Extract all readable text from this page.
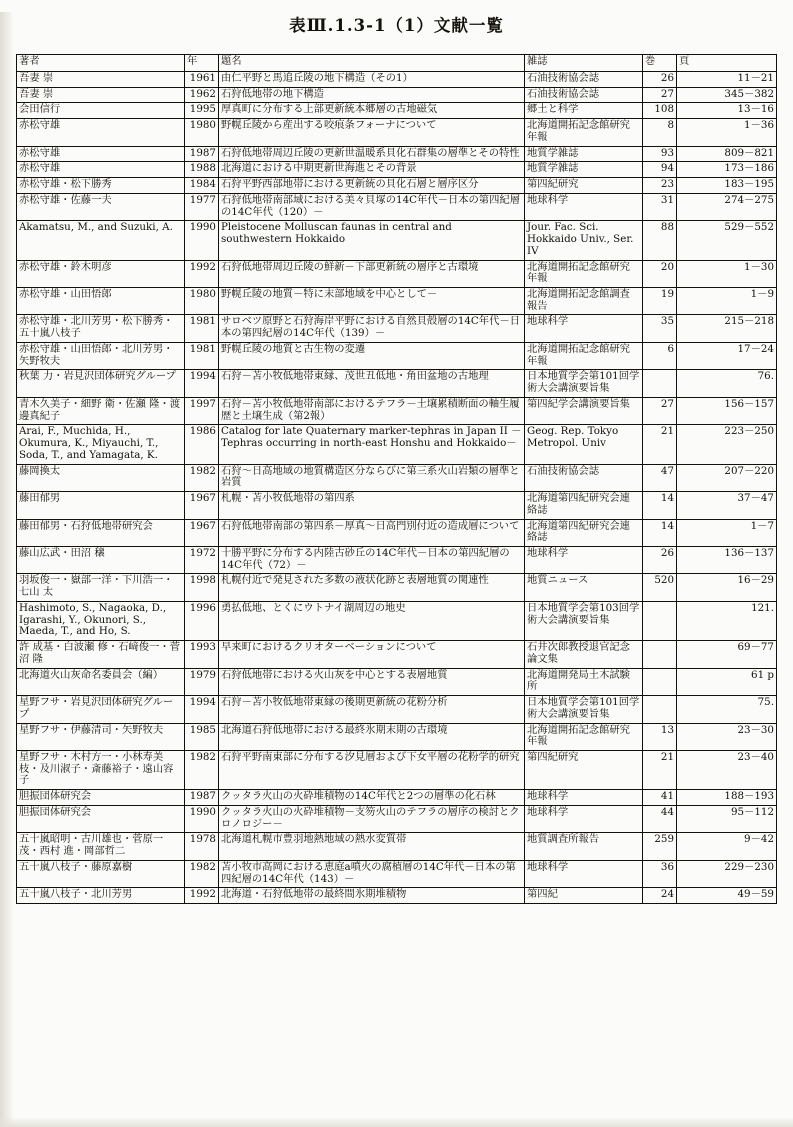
表Ⅲ.1.3-1（1）文献一覧
著者	年	題名	雑誌	巻	頁
吾妻 崇	1961	由仁平野と馬追丘陵の地下構造（その1）	石油技術協会誌	26	11－21
吾妻 崇	1962	石狩低地帯の地下構造	石油技術協会誌	27	345－382
会田信行	1995	厚真町に分布する上部更新統本郷層の古地磁気	郷土と科学	108	13－16
赤松守雄	1980	野幌丘陵から産出する咬痕条フォーナについて	北海道開拓記念館研究年報	8	1－36
赤松守雄	1987	石狩低地帯周辺丘陵の更新世温暖系貝化石群集の層準とその特性	地質学雑誌	93	809－821
赤松守雄	1988	北海道における中期更新世海進とその背景	地質学雑誌	94	173－186
赤松守雄・松下勝秀	1984	石狩平野西部地帯における更新統の貝化石層と層序区分	第四紀研究	23	183－195
赤松守雄・佐藤一夫	1977	石狩低地帯南部域における美々貝塚の14C年代－日本の第四紀層の14C年代（120）－	地球科学	31	274－275
Akamatsu, M., and Suzuki, A.	1990	Pleistocene Molluscan faunas in central and southwestern Hokkaido	Jour. Fac. Sci. Hokkaido Univ., Ser. IV	88	529－552
赤松守雄・鈴木明彦	1992	石狩低地帯周辺丘陵の鮮新－下部更新統の層序と古環境	北海道開拓記念館研究年報	20	1－30
赤松守雄・山田悟郎	1980	野幌丘陵の地質－特に末部地域を中心として－	北海道開拓記念館調査報告	19	1－9
赤松守雄・北川芳男・松下勝秀・五十嵐八枝子	1981	サロベツ原野と石狩海岸平野における自然貝殻層の14C年代－日本の第四紀層の14C年代（139）－	地球科学	35	215－218
赤松守雄・山田悟郎・北川芳男・矢野牧夫	1981	野幌丘陵の地質と古生物の変遷	北海道開拓記念館研究年報	6	17－24
秋葉 力・岩見沢団体研究グループ	1994	石狩－苫小牧低地帯東縁、茂世丑低地・角田盆地の古地理	日本地質学会第101回学術大会講演要旨集		76.
青木久美子・細野 衛・佐瀬 隆・渡邊真紀子	1997	石狩－苫小牧低地帯南部におけるテフラ－土壌累積断面の軸生履歴と土壌生成（第2報）	第四紀学会講演要旨集	27	156－157
Arai, F., Muchida, H., Okumura, K., Miyauchi, T., Soda, T., and Yamagata, K.	1986	Catalog for late Quaternary marker-tephras in Japan II －Tephras occurring in north-east Honshu and Hokkaido－	Geog. Rep. Tokyo Metropol. Univ	21	223－250
藤岡換太	1982	石狩～日高地域の地質構造区分ならびに第三系火山岩類の層準と岩質	石油技術協会誌	47	207－220
藤田郁男	1967	札幌・苫小牧低地帯の第四系	北海道第四紀研究会連絡誌	14	37－47
藤田郁男・石狩低地帯研究会	1967	石狩低地帯南部の第四系－厚真～日高門別付近の造成層について	北海道第四紀研究会連絡誌	14	1－7
藤山広武・田沼 穣	1972	十勝平野に分布する内陸古砂丘の14C年代－日本の第四紀層の14C年代（72）－	地球科学	26	136－137
羽坂俊一・嶽部一洋・下川浩一・七山 太	1998	札幌付近で発見された多数の液状化跡と表層地質の関連性	地質ニュース	520	16－29
Hashimoto, S., Nagaoka, D., Igarashi, Y., Okunori, S., Maeda, T., and Ho, S.	1996	勇払低地、とくにウトナイ湖周辺の地史	日本地質学会第103回学術大会講演要旨集		121.
許 成基・白波瀬 修・石﨑俊一・菅沼 隆	1993	早来町におけるクリオターベーションについて	石井次郎教授退官記念論文集		69－77
北海道火山灰命名委員会（編）	1979	石狩低地帯における火山灰を中心とする表層地質	北海道開発局土木試験所		61 p
星野フサ・岩見沢団体研究グループ	1994	石狩－苫小牧低地帯東縁の後期更新統の花粉分析	日本地質学会第101回学術大会講演要旨集		75.
星野フサ・伊藤清司・矢野牧夫	1985	北海道石狩低地帯における最終氷期末期の古環境	北海道開拓記念館研究年報	13	23－30
星野フサ・木村方一・小林寿美枝・及川淑子・斎藤裕子・遠山容子	1982	石狩平野南東部に分布する汐見層および下女平層の花粉学的研究	第四紀研究	21	23－40
胆振団体研究会	1987	クッタラ火山の火砕堆積物の14C年代と2つの層準の化石林	地球科学	41	188－193
胆振団体研究会	1990	クッタラ火山の火砕堆積物－支笏火山のテフラの層序の検討とクロノロジー－	地球科学	44	95－112
五十嵐昭明・古川雄也・菅原一茂・西村 進・岡部哲二	1978	北海道札幌市豊羽地熱地域の熱水変質帯	地質調査所報告	259	9－42
五十嵐八枝子・藤原嘉樹	1982	苫小牧市高岡における恵庭a噴火の腐植層の14C年代－日本の第四紀層の14C年代（143）－	地球科学	36	229－230
五十嵐八枝子・北川芳男	1992	北海道・石狩低地帯の最終間氷期堆積物	第四紀	24	49－59
